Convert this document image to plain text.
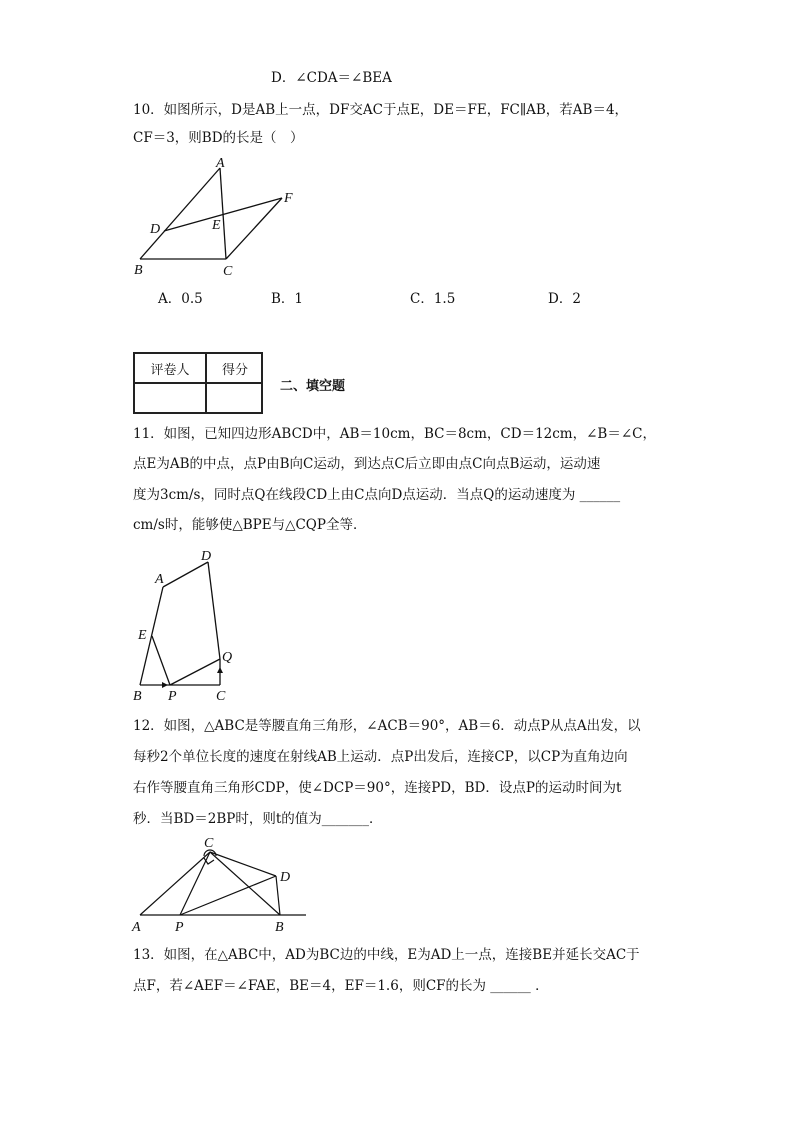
D．∠CDA＝∠BEA
10．如图所示，D是AB上一点，DF交AC于点E，DE＝FE，FC∥AB，若AB＝4，
CF＝3，则BD的长是（　）
A
B	C
D	E
F
A．0.5	B．1	C．1.5	D．2
评卷人	得分
二、填空题
11．如图，已知四边形ABCD中，AB＝10cm，BC＝8cm，CD＝12cm，∠B＝∠C，
点E为AB的中点，点P由B向C运动，到达点C后立即由点C向点B运动，运动速
度为3cm/s，同时点Q在线段CD上由C点向D点运动．当点Q的运动速度为 ______
cm/s时，能够使△BPE与△CQP全等．
D
A
E
Q
B P	C
12．如图，△ABC是等腰直角三角形，∠ACB＝90°，AB＝6．动点P从点A出发，以
每秒2个单位长度的速度在射线AB上运动．点P出发后，连接CP，以CP为直角边向
右作等腰直角三角形CDP，使∠DCP＝90°，连接PD，BD．设点P的运动时间为t
秒．当BD＝2BP时，则t的值为_______．
C
D
A P	B
13．如图，在△ABC中，AD为BC边的中线，E为AD上一点，连接BE并延长交AC于
点F，若∠AEF＝∠FAE，BE＝4，EF＝1.6，则CF的长为 ______ ．
